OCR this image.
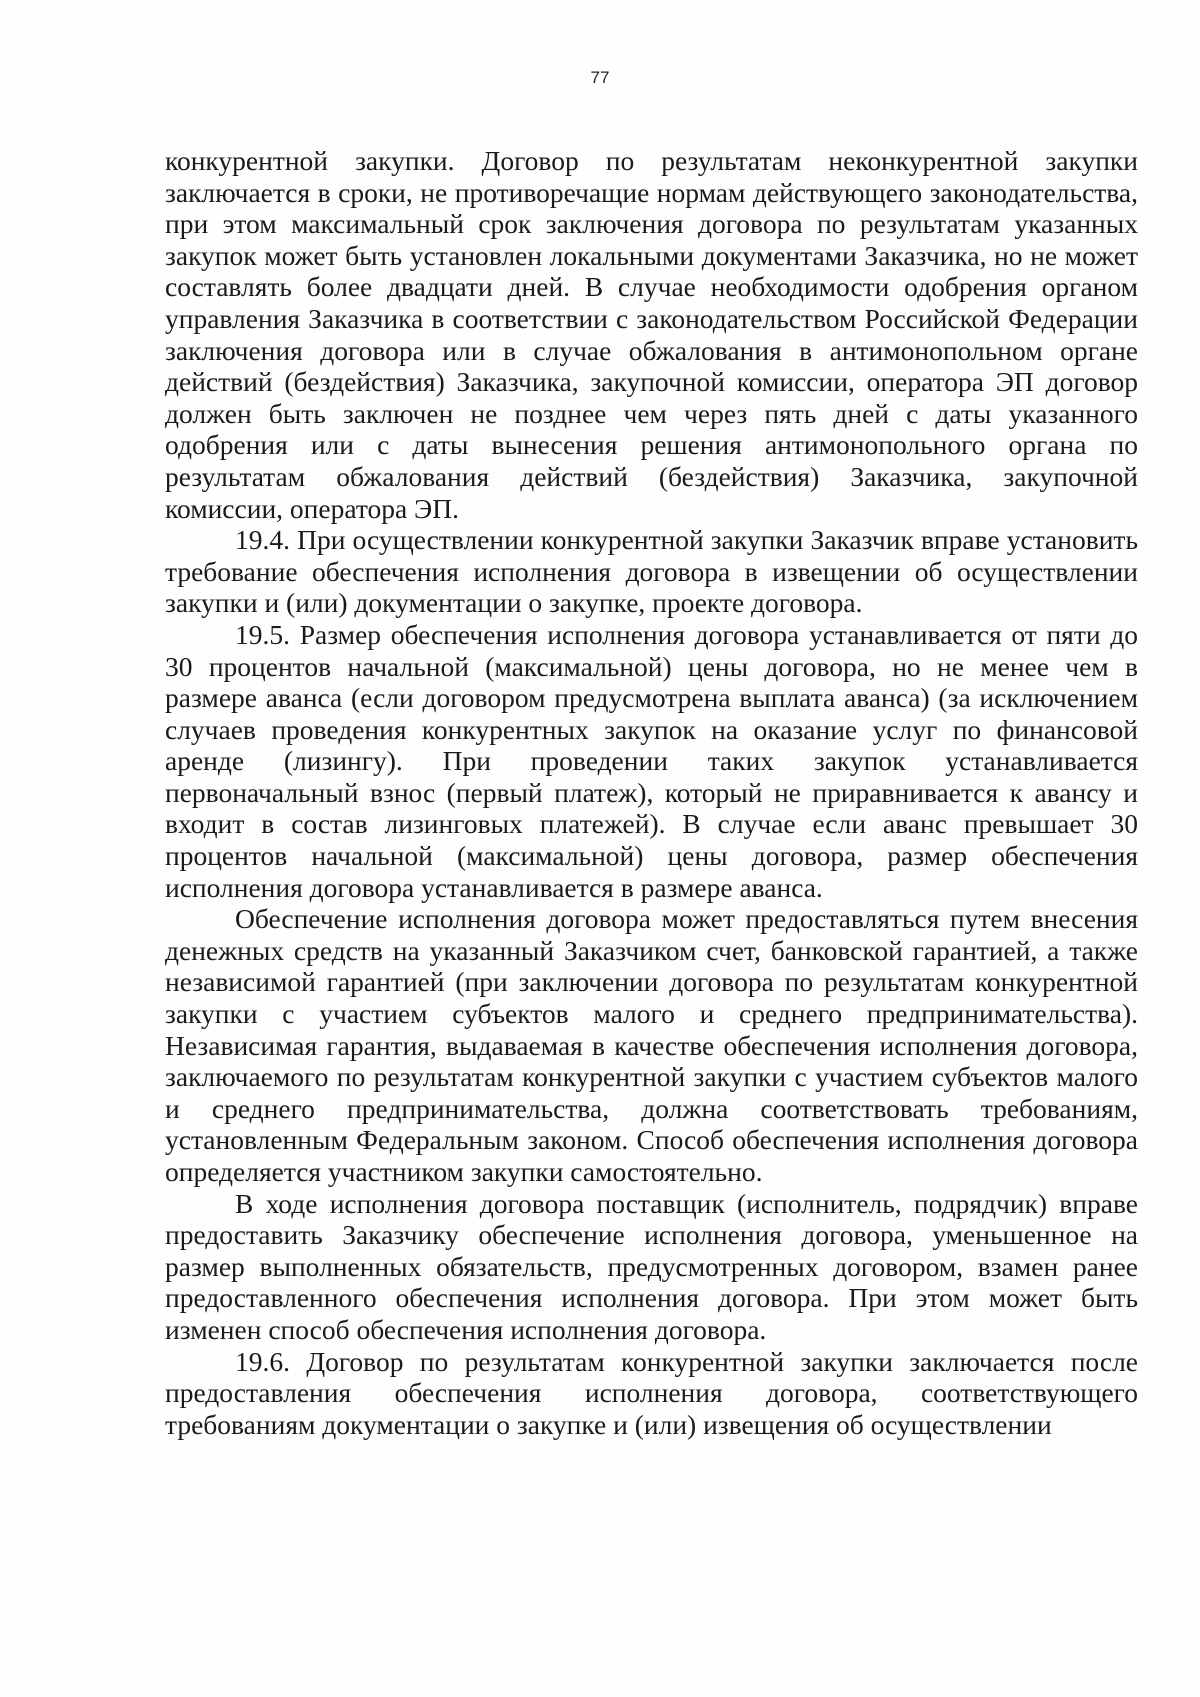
77

конкурентной закупки. Договор по результатам неконкурентной закупки заключается в сроки, не противоречащие нормам действующего законодательства, при этом максимальный срок заключения договора по результатам указанных закупок может быть установлен локальными документами Заказчика, но не может составлять более двадцати дней. В случае необходимости одобрения органом управления Заказчика в соответствии с законодательством Российской Федерации заключения договора или в случае обжалования в антимонопольном органе действий (бездействия) Заказчика, закупочной комиссии, оператора ЭП договор должен быть заключен не позднее чем через пять дней с даты указанного одобрения или с даты вынесения решения антимонопольного органа по результатам обжалования действий (бездействия) Заказчика, закупочной комиссии, оператора ЭП.

19.4. При осуществлении конкурентной закупки Заказчик вправе установить требование обеспечения исполнения договора в извещении об осуществлении закупки и (или) документации о закупке, проекте договора.

19.5. Размер обеспечения исполнения договора устанавливается от пяти до 30 процентов начальной (максимальной) цены договора, но не менее чем в размере аванса (если договором предусмотрена выплата аванса) (за исключением случаев проведения конкурентных закупок на оказание услуг по финансовой аренде (лизингу). При проведении таких закупок устанавливается первоначальный взнос (первый платеж), который не приравнивается к авансу и входит в состав лизинговых платежей). В случае если аванс превышает 30 процентов начальной (максимальной) цены договора, размер обеспечения исполнения договора устанавливается в размере аванса.

Обеспечение исполнения договора может предоставляться путем внесения денежных средств на указанный Заказчиком счет, банковской гарантией, а также независимой гарантией (при заключении договора по результатам конкурентной закупки с участием субъектов малого и среднего предпринимательства). Независимая гарантия, выдаваемая в качестве обеспечения исполнения договора, заключаемого по результатам конкурентной закупки с участием субъектов малого и среднего предпринимательства, должна соответствовать требованиям, установленным Федеральным законом. Способ обеспечения исполнения договора определяется участником закупки самостоятельно.

В ходе исполнения договора поставщик (исполнитель, подрядчик) вправе предоставить Заказчику обеспечение исполнения договора, уменьшенное на размер выполненных обязательств, предусмотренных договором, взамен ранее предоставленного обеспечения исполнения договора. При этом может быть изменен способ обеспечения исполнения договора.

19.6. Договор по результатам конкурентной закупки заключается после предоставления обеспечения исполнения договора, соответствующего требованиям документации о закупке и (или) извещения об осуществлении
